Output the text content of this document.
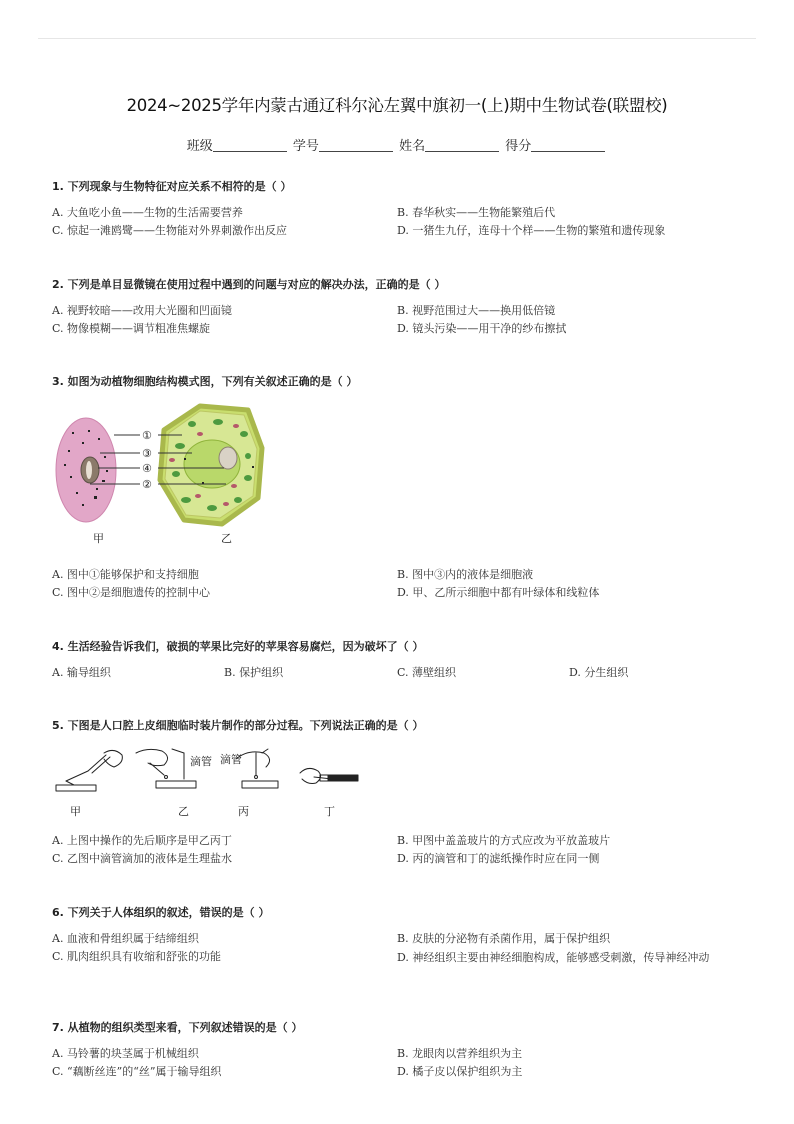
2024~2025学年内蒙古通辽科尔沁左翼中旗初一(上)期中生物试卷(联盟校)
班级	学号	姓名	得分
1. 下列现象与生物特征对应关系不相符的是（ ）
A. 大鱼吃小鱼——生物的生活需要营养	B. 春华秋实——生物能繁殖后代
C. 惊起一滩鸥鹭——生物能对外界刺激作出反应	D. 一猪生九仔，连母十个样——生物的繁殖和遗传现象
2. 下列是单目显微镜在使用过程中遇到的问题与对应的解决办法，正确的是（ ）
A. 视野较暗——改用大光圈和凹面镜	B. 视野范围过大——换用低倍镜
C. 物像模糊——调节粗准焦螺旋	D. 镜头污染——用干净的纱布擦拭
3. 如图为动植物细胞结构模式图，下列有关叙述正确的是（ ）
甲	乙
①
③
④
②
A. 图中①能够保护和支持细胞	B. 图中③内的液体是细胞液
C. 图中②是细胞遗传的控制中心	D. 甲、乙所示细胞中都有叶绿体和线粒体
4. 生活经验告诉我们，破损的苹果比完好的苹果容易腐烂，因为破坏了（ ）
A. 输导组织	B. 保护组织	C. 薄壁组织	D. 分生组织
5. 下图是人口腔上皮细胞临时装片制作的部分过程。下列说法正确的是（ ）
滴管 滴管
甲	乙	丙	丁
A. 上图中操作的先后顺序是甲乙丙丁	B. 甲图中盖盖玻片的方式应改为平放盖玻片
C. 乙图中滴管滴加的液体是生理盐水	D. 丙的滴管和丁的滤纸操作时应在同一侧
6. 下列关于人体组织的叙述，错误的是（ ）
A. 血液和骨组织属于结缔组织	B. 皮肤的分泌物有杀菌作用，属于保护组织
C. 肌肉组织具有收缩和舒张的功能	D. 神经组织主要由神经细胞构成，能够感受刺激，传导神经冲动
7. 从植物的组织类型来看，下列叙述错误的是（ ）
A. 马铃薯的块茎属于机械组织	B. 龙眼肉以营养组织为主
C. “藕断丝连”的“丝”属于输导组织	D. 橘子皮以保护组织为主
